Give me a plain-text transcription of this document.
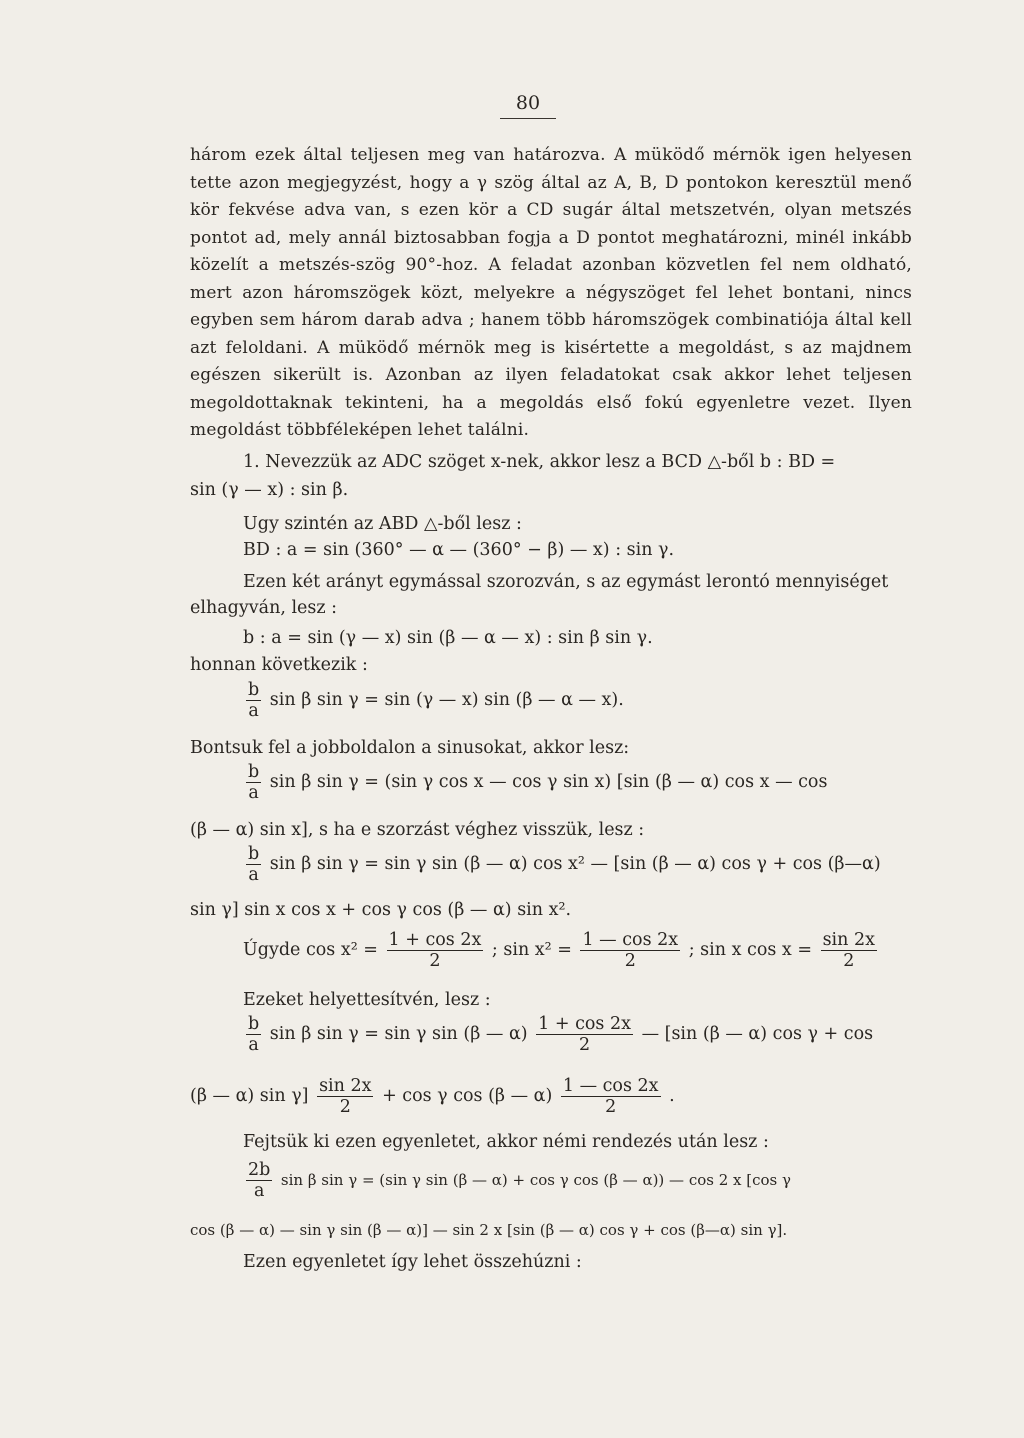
80
három ezek által teljesen meg van határozva. A müködő mérnök igen helyesen tette azon megjegyzést, hogy a γ szög által az A, B, D pontokon keresztül menő kör fekvése adva van, s ezen kör a CD sugár által metszetvén, olyan metszés pontot ad, mely annál biztosabban fogja a D pontot meghatározni, minél inkább közelít a metszés-szög 90°-hoz. A feladat azonban közvetlen fel nem oldható, mert azon háromszögek közt, melyekre a négyszöget fel lehet bontani, nincs egyben sem három darab adva ; hanem több háromszögek combinatiója által kell azt feloldani. A müködő mérnök meg is kisértette a megoldást, s az majdnem egészen sikerült is. Azonban az ilyen feladatokat csak akkor lehet teljesen megoldottaknak tekinteni, ha a megoldás első fokú egyenletre vezet. Ilyen megoldást többféleképen lehet találni.
1. Nevezzük az ADC szöget x-nek, akkor lesz a BCD △-ből b : BD =
sin (γ — x) : sin β.
Ugy szintén az ABD △-ből lesz :
BD : a = sin (360° — α — (360° − β) — x) : sin γ.
Ezen két arányt egymással szorozván, s az egymást lerontó mennyiséget
elhagyván, lesz :
b : a = sin (γ — x) sin (β — α — x) : sin β sin γ.
honnan következik :
$\frac{b}{a}$ sin β sin γ = sin (γ — x) sin (β — α — x).
Bontsuk fel a jobboldalon a sinusokat, akkor lesz:
$\frac{b}{a}$ sin β sin γ = (sin γ cos x — cos γ sin x) [sin (β — α) cos x — cos
(β — α) sin x], s ha e szorzást véghez visszük, lesz :
$\frac{b}{a}$ sin β sin γ = sin γ sin (β — α) cos x² — [sin (β — α) cos γ + cos (β—α)
sin γ] sin x cos x + cos γ cos (β — α) sin x².
Úgyde $\cos x^2 = \frac{1 + \cos 2x}{2}$ ; $\sin x^2 = \frac{1 — \cos 2x}{2}$ ; sin x $\cos x = \frac{\sin 2x}{2}$
Ezeket helyettesítvén, lesz :
$\frac{b}{a}$ sin β sin γ = sin γ sin (β — $\alpha) \frac{1 + \cos 2x}{2}$ — [sin (β — α) cos γ + cos
(β — α) $\sin \gamma] \frac{\sin 2x}{2} + \cos \gamma$ cos (β — $\alpha) \frac{1 — \cos 2x}{2}$ .
Fejtsük ki ezen egyenletet, akkor némi rendezés után lesz :
$\frac{2b}{a}$ sin β sin γ = (sin γ sin (β — α) + cos γ cos (β — α)) — cos 2 x [cos γ
cos (β — α) — sin γ sin (β — α)] — sin 2 x [sin (β — α) cos γ + cos (β—α) sin γ].
Ezen egyenletet így lehet összehúzni :
